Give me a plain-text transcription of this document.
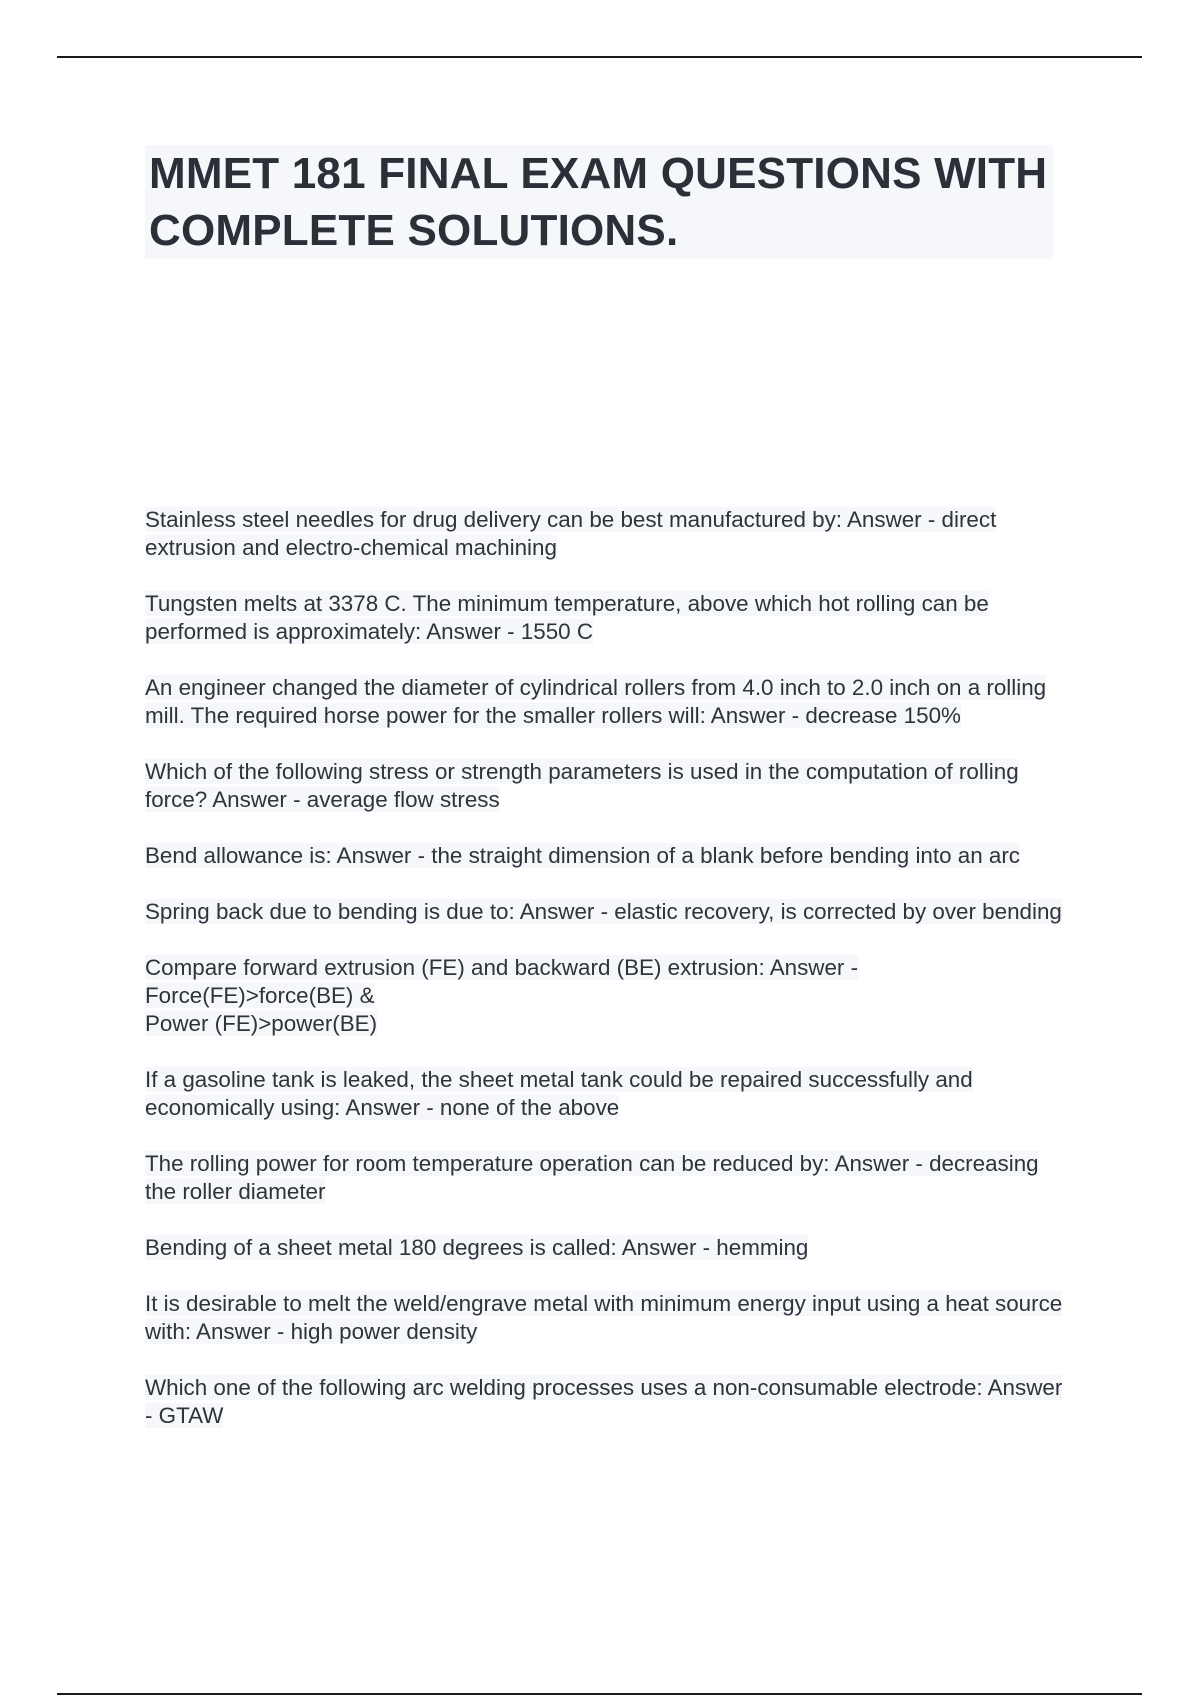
MMET 181 FINAL EXAM QUESTIONS WITH COMPLETE SOLUTIONS.

Stainless steel needles for drug delivery can be best manufactured by: Answer - direct extrusion and electro-chemical machining

Tungsten melts at 3378 C. The minimum temperature, above which hot rolling can be performed is approximately: Answer - 1550 C

An engineer changed the diameter of cylindrical rollers from 4.0 inch to 2.0 inch on a rolling mill. The required horse power for the smaller rollers will: Answer - decrease 150%

Which of the following stress or strength parameters is used in the computation of rolling force? Answer - average flow stress

Bend allowance is: Answer - the straight dimension of a blank before bending into an arc

Spring back due to bending is due to: Answer - elastic recovery, is corrected by over bending

Compare forward extrusion (FE) and backward (BE) extrusion: Answer -
Force(FE)>force(BE) &
Power (FE)>power(BE)

If a gasoline tank is leaked, the sheet metal tank could be repaired successfully and economically using: Answer - none of the above

The rolling power for room temperature operation can be reduced by: Answer - decreasing the roller diameter

Bending of a sheet metal 180 degrees is called: Answer - hemming

It is desirable to melt the weld/engrave metal with minimum energy input using a heat source with: Answer - high power density

Which one of the following arc welding processes uses a non-consumable electrode: Answer - GTAW
